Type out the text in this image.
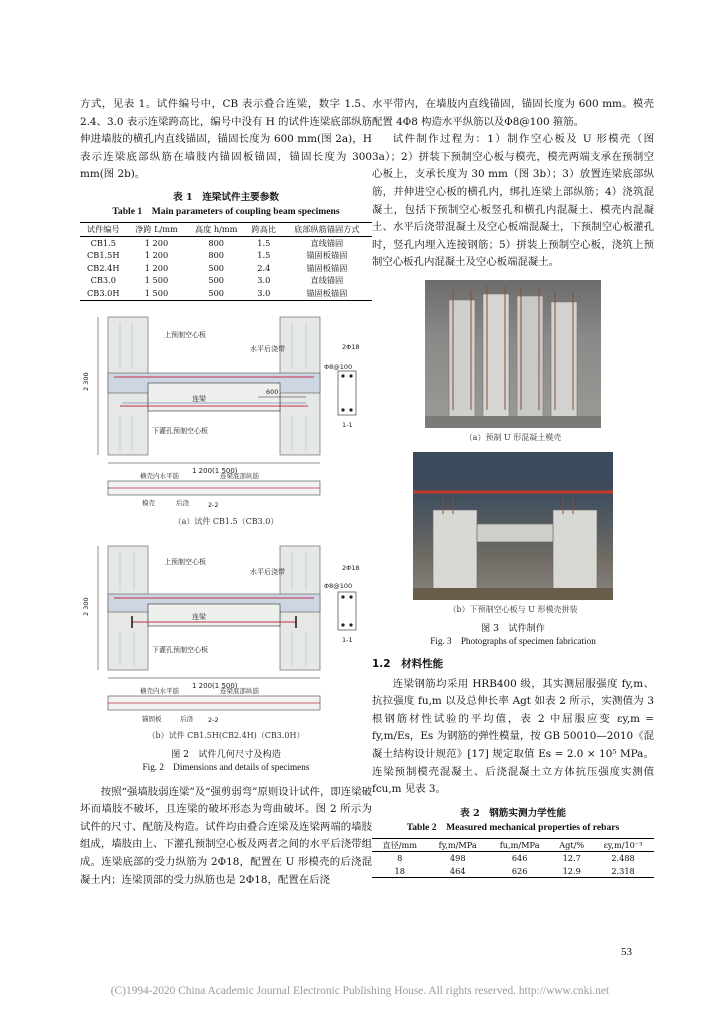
方式，见表 1。试件编号中，CB 表示叠合连梁，数字 1.5、2.4、3.0 表示连梁跨高比，编号中没有 H 的试件连梁底部纵筋伸进墙肢的横孔内直线锚固，锚固长度为 600 mm(图 2a)，H 表示连梁底部纵筋在墙肢内锚固板锚固，锚固长度为 300 mm(图 2b)。

表 1　连梁试件主要参数

Table 1　Main parameters of coupling beam specimens

试件编号	净跨 L/mm	高度 h/mm	跨高比	底部纵筋锚固方式
CB1.5	1 200	800	1.5	直线锚固
CB1.5H	1 200	800	1.5	锚固板锚固
CB2.4H	1 200	500	2.4	锚固板锚固
CB3.0	1 500	500	3.0	直线锚固
CB3.0H	1 500	500	3.0	锚固板锚固
上预制空心板
水平后浇带
连梁
下灌孔预制空心板
600
2 300
1 200(1 500)
Φ8@100
2Φ18
1-1
2-2
横壳内水平筋	连梁底部纵筋
模壳	后浇

（a）试件 CB1.5（CB3.0）

上预制空心板
水平后浇带
连梁
下灌孔预制空心板
2 300
1 200(1 500)
Φ8@100
2Φ18
1-1
2-2
横壳内水平筋	连梁底部纵筋
锚固板	后浇

（b）试件 CB1.5H(CB2.4H)（CB3.0H）

图 2　试件几何尺寸及构造

Fig. 2　Dimensions and details of specimens

按照“强墙肢弱连梁”及“强剪弱弯”原则设计试件，即连梁破坏而墙肢不破坏，且连梁的破坏形态为弯曲破坏。图 2 所示为试件的尺寸、配筋及构造。试件均由叠合连梁及连梁两端的墙肢组成，墙肢由上、下灌孔预制空心板及两者之间的水平后浇带组成。连梁底部的受力纵筋为 2Φ18，配置在 U 形模壳的后浇混凝土内；连梁顶部的受力纵筋也是 2Φ18，配置在后浇

水平带内，在墙肢内直线锚固，锚固长度为 600 mm。模壳配置 4Φ8 构造水平纵筋以及Φ8@100 箍筋。

试件制作过程为：1）制作空心板及 U 形模壳（图 3a）；2）拼装下预制空心板与模壳，模壳两端支承在预制空心板上，支承长度为 30 mm（图 3b）；3）放置连梁底部纵筋，并伸进空心板的横孔内，绑扎连梁上部纵筋；4）浇筑混凝土，包括下预制空心板竖孔和横孔内混凝土、模壳内混凝土、水平后浇带混凝土及空心板端混凝土，下预制空心板灌孔时，竖孔内埋入连接钢筋；5）拼装上预制空心板，浇筑上预制空心板孔内混凝土及空心板端混凝土。

（a）预制 U 形混凝土模壳

（b）下预制空心板与 U 形模壳拼装

图 3　试件制作

Fig. 3　Photographs of specimen fabrication

1.2　材料性能

连梁钢筋均采用 HRB400 级，其实测屈服强度 fy,m、抗拉强度 fu,m 以及总伸长率 Agt 如表 2 所示，实测值为 3 根钢筋材性试验的平均值，表 2 中屈服应变 εy,m = fy,m/Es，Es 为钢筋的弹性模量，按 GB 50010—2010《混凝土结构设计规范》[17] 规定取值 Es = 2.0 × 10⁵ MPa。连梁预制模壳混凝土、后浇混凝土立方体抗压强度实测值 fcu,m 见表 3。

表 2　钢筋实测力学性能

Table 2　Measured mechanical properties of rebars

直径/mm	fy,m/MPa	fu,m/MPa	Agt/%	εy,m/10⁻³
8	498	646	12.7	2.488
18	464	626	12.9	2.318
53
(C)1994-2020 China Academic Journal Electronic Publishing House. All rights reserved. http://www.cnki.net
